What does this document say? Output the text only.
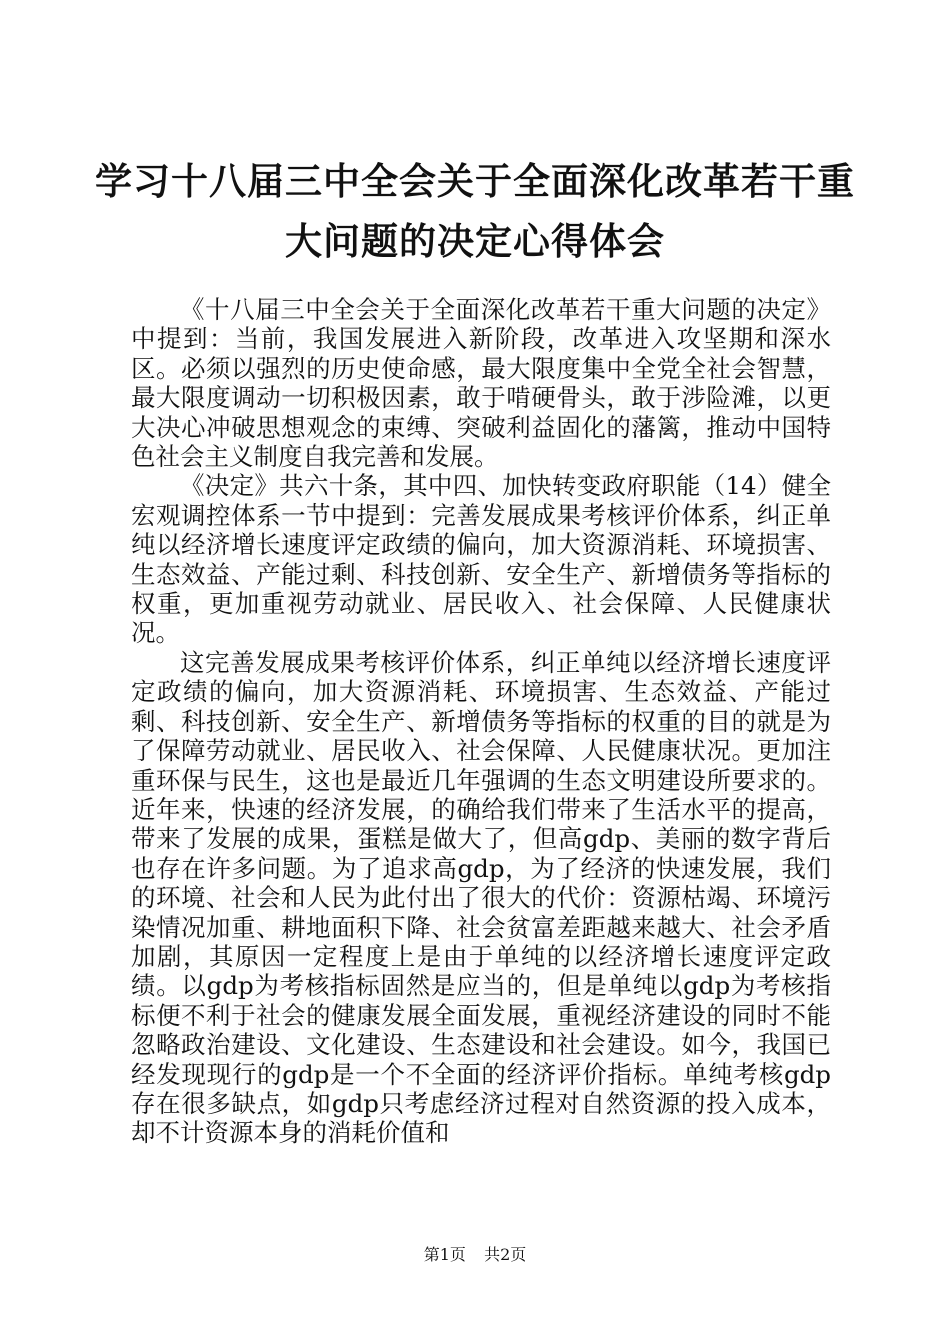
学习十八届三中全会关于全面深化改革若干重
大问题的决定心得体会

《十八届三中全会关于全面深化改革若干重大问题的决定》中提到：当前，我国发展进入新阶段，改革进入攻坚期和深水区。必须以强烈的历史使命感，最大限度集中全党全社会智慧，最大限度调动一切积极因素，敢于啃硬骨头，敢于涉险滩，以更大决心冲破思想观念的束缚、突破利益固化的藩篱，推动中国特色社会主义制度自我完善和发展。

《决定》共六十条，其中四、加快转变政府职能（14）健全宏观调控体系一节中提到：完善发展成果考核评价体系，纠正单纯以经济增长速度评定政绩的偏向，加大资源消耗、环境损害、生态效益、产能过剩、科技创新、安全生产、新增债务等指标的权重，更加重视劳动就业、居民收入、社会保障、人民健康状况。

这完善发展成果考核评价体系，纠正单纯以经济增长速度评定政绩的偏向，加大资源消耗、环境损害、生态效益、产能过剩、科技创新、安全生产、新增债务等指标的权重的目的就是为了保障劳动就业、居民收入、社会保障、人民健康状况。更加注重环保与民生，这也是最近几年强调的生态文明建设所要求的。近年来，快速的经济发展，的确给我们带来了生活水平的提高，带来了发展的成果，蛋糕是做大了，但高gdp、美丽的数字背后也存在许多问题。为了追求高gdp，为了经济的快速发展，我们的环境、社会和人民为此付出了很大的代价：资源枯竭、环境污染情况加重、耕地面积下降、社会贫富差距越来越大、社会矛盾加剧，其原因一定程度上是由于单纯的以经济增长速度评定政绩。以gdp为考核指标固然是应当的，但是单纯以gdp为考核指标便不利于社会的健康发展全面发展，重视经济建设的同时不能忽略政治建设、文化建设、生态建设和社会建设。如今，我国已经发现现行的gdp是一个不全面的经济评价指标。单纯考核gdp存在很多缺点，如gdp只考虑经济过程对自然资源的投入成本，却不计资源本身的消耗价值和

第1页 共2页
